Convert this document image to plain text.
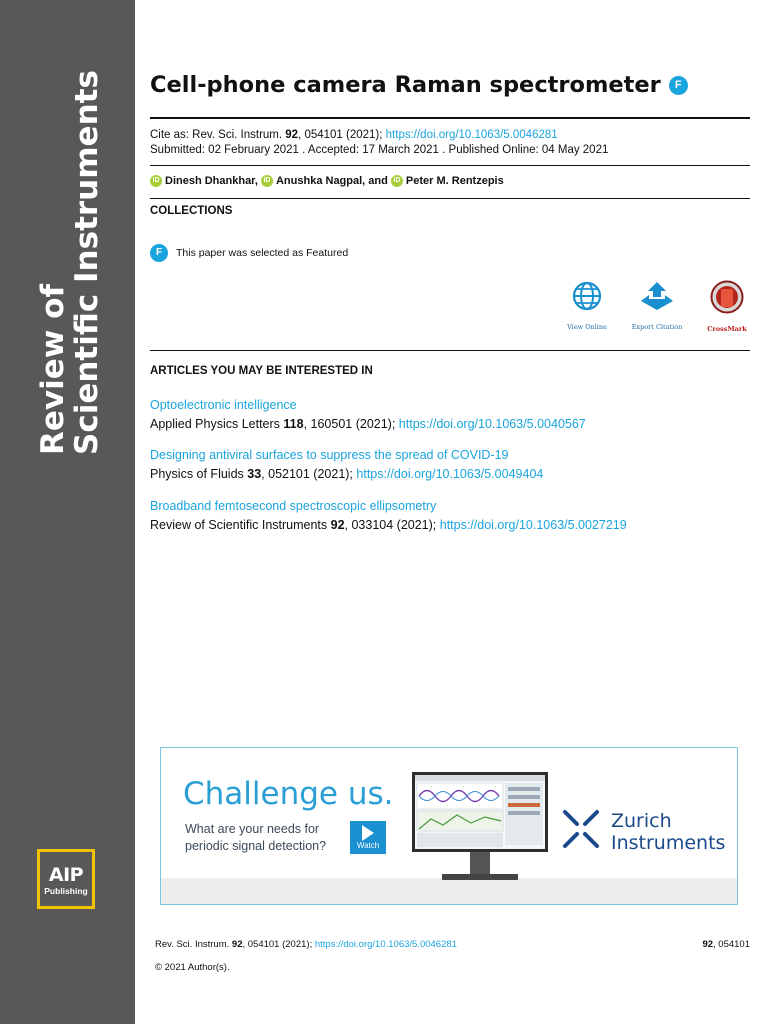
Review of
Scientific Instruments
AIP
Publishing
Cell-phone camera Raman spectrometer F
Cite as: Rev. Sci. Instrum. 92, 054101 (2021); https://doi.org/10.1063/5.0046281
Submitted: 02 February 2021 . Accepted: 17 March 2021 . Published Online: 04 May 2021
iD Dinesh Dhankhar, iD Anushka Nagpal, and iD Peter M. Rentzepis
COLLECTIONS
F This paper was selected as Featured
View Online	Export Citation	CrossMark
ARTICLES YOU MAY BE INTERESTED IN
Optoelectronic intelligence
Applied Physics Letters 118, 160501 (2021); https://doi.org/10.1063/5.0040567
Designing antiviral surfaces to suppress the spread of COVID-19
Physics of Fluids 33, 052101 (2021); https://doi.org/10.1063/5.0049404
Broadband femtosecond spectroscopic ellipsometry
Review of Scientific Instruments 92, 033104 (2021); https://doi.org/10.1063/5.0027219
Challenge us.
What are your needs for
periodic signal detection?	Watch
Zurich
Instruments
Rev. Sci. Instrum. 92, 054101 (2021); https://doi.org/10.1063/5.0046281	92, 054101
© 2021 Author(s).
